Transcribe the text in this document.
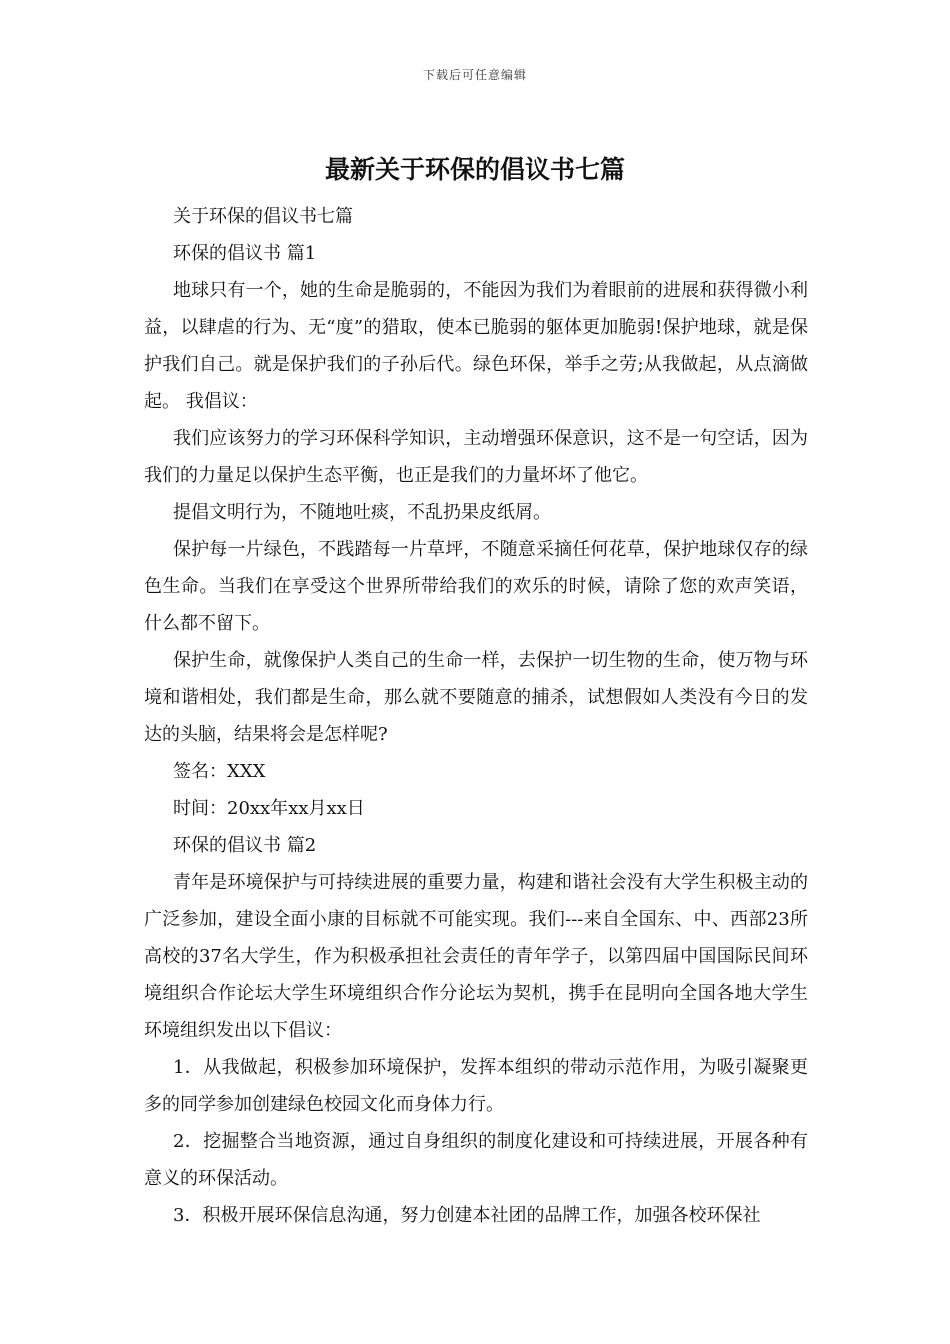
下载后可任意编辑
最新关于环保的倡议书七篇

关于环保的倡议书七篇

环保的倡议书 篇1

地球只有一个，她的生命是脆弱的，不能因为我们为着眼前的进展和获得微小利益，以肆虐的行为、无“度”的猎取，使本已脆弱的躯体更加脆弱!保护地球，就是保护我们自己。就是保护我们的子孙后代。绿色环保，举手之劳;从我做起，从点滴做起。 我倡议：

我们应该努力的学习环保科学知识，主动增强环保意识，这不是一句空话，因为我们的力量足以保护生态平衡，也正是我们的力量坏坏了他它。

提倡文明行为，不随地吐痰，不乱扔果皮纸屑。

保护每一片绿色，不践踏每一片草坪，不随意采摘任何花草，保护地球仅存的绿色生命。当我们在享受这个世界所带给我们的欢乐的时候，请除了您的欢声笑语，什么都不留下。

保护生命，就像保护人类自己的生命一样，去保护一切生物的生命，使万物与环境和谐相处，我们都是生命，那么就不要随意的捕杀，试想假如人类没有今日的发达的头脑，结果将会是怎样呢?

签名：XXX

时间：20xx年xx月xx日

环保的倡议书 篇2

青年是环境保护与可持续进展的重要力量，构建和谐社会没有大学生积极主动的广泛参加，建设全面小康的目标就不可能实现。我们---来自全国东、中、西部23所高校的37名大学生，作为积极承担社会责任的青年学子，以第四届中国国际民间环境组织合作论坛大学生环境组织合作分论坛为契机，携手在昆明向全国各地大学生环境组织发出以下倡议：

1．从我做起，积极参加环境保护，发挥本组织的带动示范作用，为吸引凝聚更多的同学参加创建绿色校园文化而身体力行。

2．挖掘整合当地资源，通过自身组织的制度化建设和可持续进展，开展各种有意义的环保活动。

3．积极开展环保信息沟通，努力创建本社团的品牌工作，加强各校环保社
